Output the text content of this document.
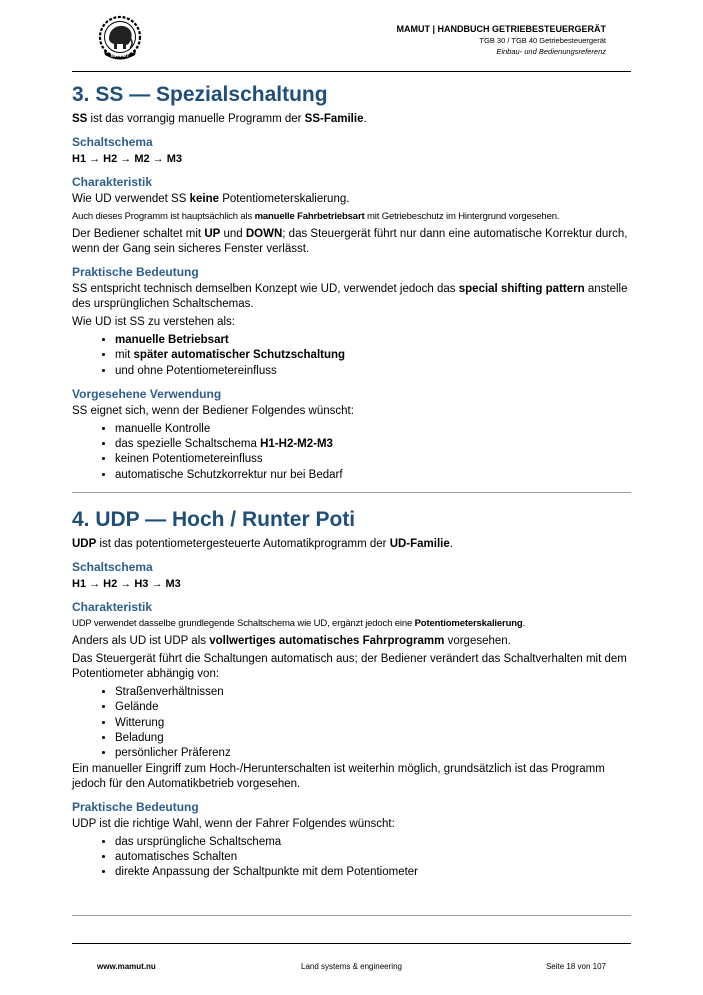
MAMUT
MAMUT | HANDBUCH GETRIEBESTEUERGERÄT
TGB 30 / TGB 40 Getriebesteuergerät
Einbau- und Bedienungsreferenz
3. SS — Spezialschaltung

SS ist das vorrangig manuelle Programm der SS-Familie.

Schaltschema

H1 → H2 → M2 → M3

Charakteristik

Wie UD verwendet SS keine Potentiometerskalierung.

Auch dieses Programm ist hauptsächlich als manuelle Fahrbetriebsart mit Getriebeschutz im Hintergrund vorgesehen.

Der Bediener schaltet mit UP und DOWN; das Steuergerät führt nur dann eine automatische Korrektur durch, wenn der Gang sein sicheres Fenster verlässt.

Praktische Bedeutung

SS entspricht technisch demselben Konzept wie UD, verwendet jedoch das special shifting pattern anstelle des ursprünglichen Schaltschemas.

Wie UD ist SS zu verstehen als:

• manuelle Betriebsart
• mit später automatischer Schutzschaltung
• und ohne Potentiometereinfluss
Vorgesehene Verwendung

SS eignet sich, wenn der Bediener Folgendes wünscht:

• manuelle Kontrolle
• das spezielle Schaltschema H1-H2-M2-M3
• keinen Potentiometereinfluss
• automatische Schutzkorrektur nur bei Bedarf
4. UDP — Hoch / Runter Poti

UDP ist das potentiometergesteuerte Automatikprogramm der UD-Familie.

Schaltschema

H1 → H2 → H3 → M3

Charakteristik

UDP verwendet dasselbe grundlegende Schaltschema wie UD, ergänzt jedoch eine Potentiometerskalierung.

Anders als UD ist UDP als vollwertiges automatisches Fahrprogramm vorgesehen.

Das Steuergerät führt die Schaltungen automatisch aus; der Bediener verändert das Schaltverhalten mit dem Potentiometer abhängig von:

• Straßenverhältnissen
• Gelände
• Witterung
• Beladung
• persönlicher Präferenz

Ein manueller Eingriff zum Hoch-/Herunterschalten ist weiterhin möglich, grundsätzlich ist das Programm jedoch für den Automatikbetrieb vorgesehen.

Praktische Bedeutung

UDP ist die richtige Wahl, wenn der Fahrer Folgendes wünscht:

• das ursprüngliche Schaltschema
• automatisches Schalten
• direkte Anpassung der Schaltpunkte mit dem Potentiometer
www.mamut.nu	Land systems & engineering	Seite 18 von 107
